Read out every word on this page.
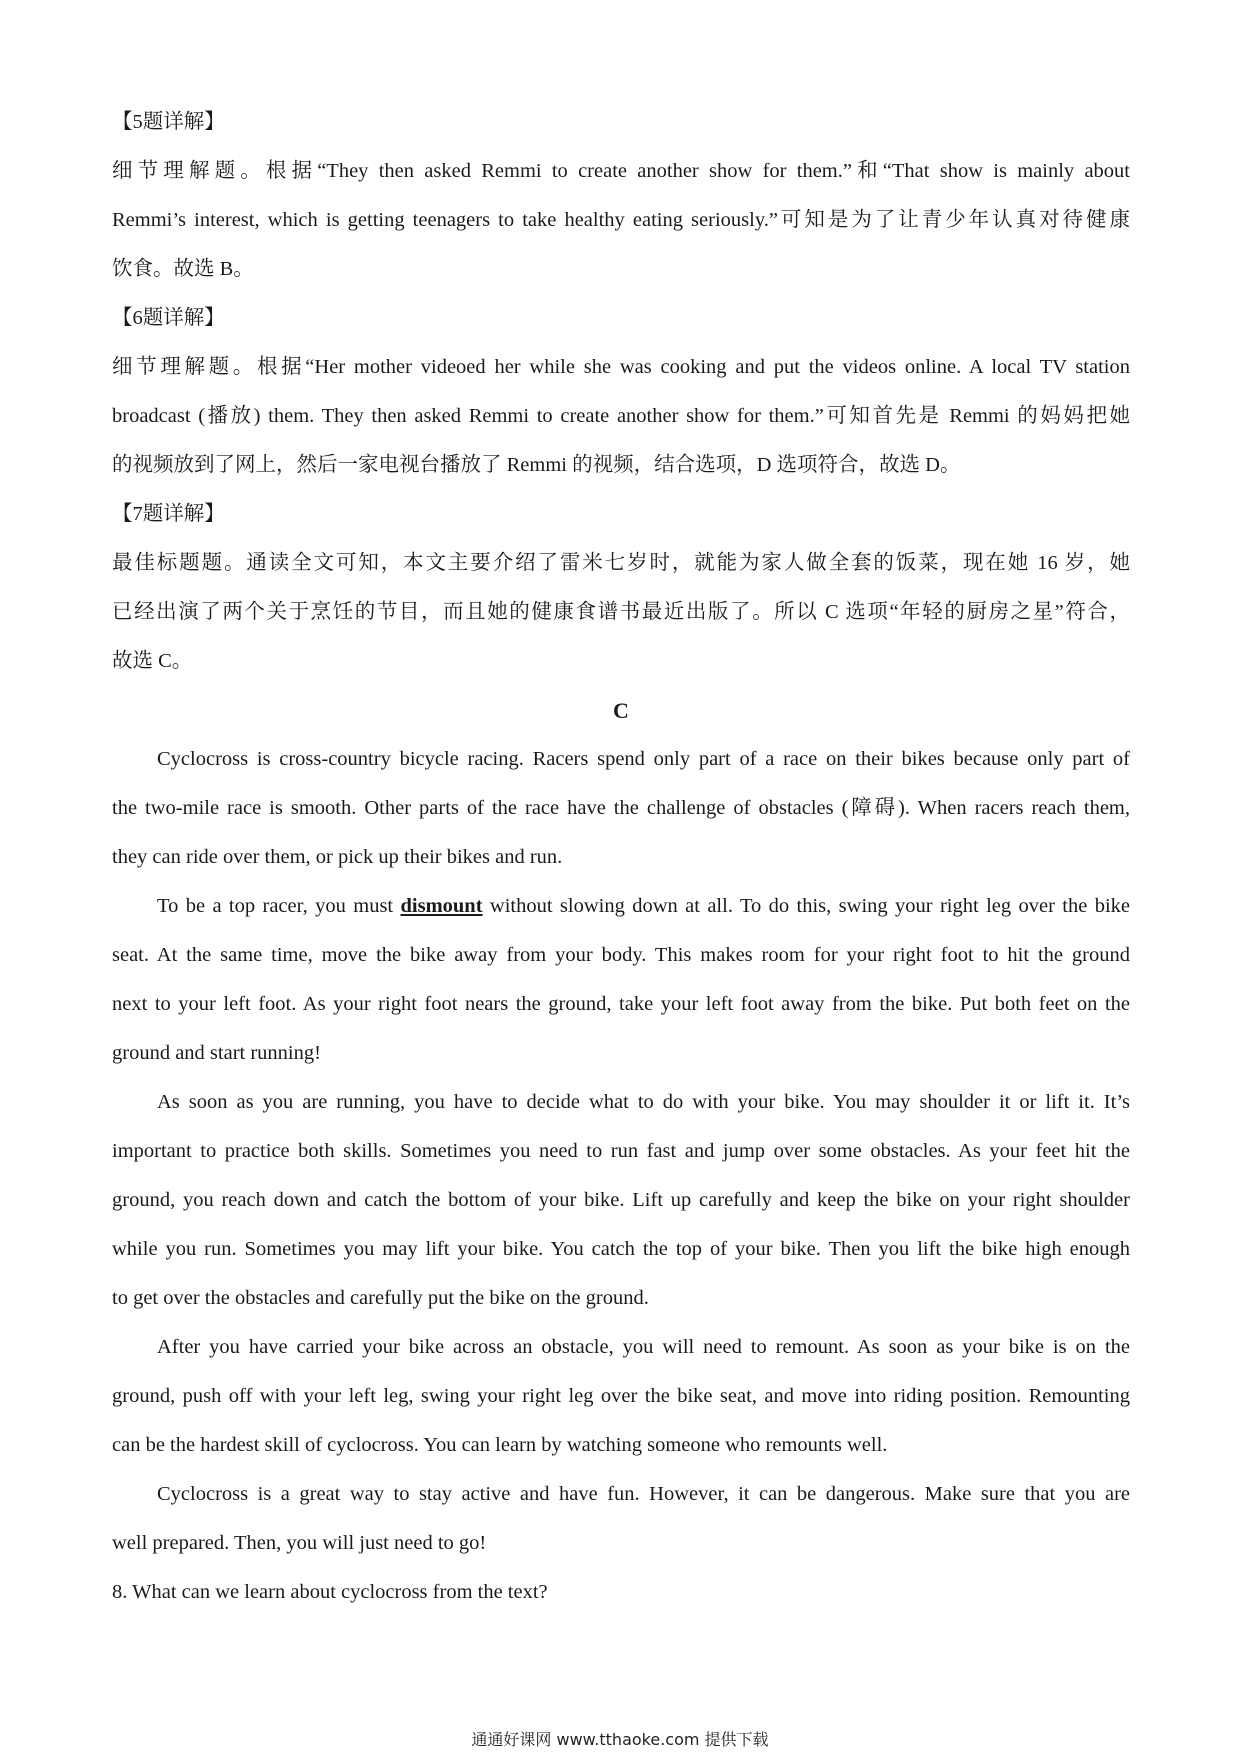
【5题详解】
细节理解题。根据“They then asked Remmi to create another show for them.”和“That show is mainly about
Remmi’s interest, which is getting teenagers to take healthy eating seriously.”可知是为了让青少年认真对待健康
饮食。故选 B。
【6题详解】
细节理解题。根据“Her mother videoed her while she was cooking and put the videos online. A local TV station
broadcast (播放) them. They then asked Remmi to create another show for them.”可知首先是 Remmi 的妈妈把她
的视频放到了网上，然后一家电视台播放了 Remmi 的视频，结合选项，D 选项符合，故选 D。
【7题详解】
最佳标题题。通读全文可知，本文主要介绍了雷米七岁时，就能为家人做全套的饭菜，现在她 16 岁，她
已经出演了两个关于烹饪的节目，而且她的健康食谱书最近出版了。所以 C 选项“年轻的厨房之星”符合，
故选 C。
C
Cyclocross is cross-country bicycle racing. Racers spend only part of a race on their bikes because only part of
the two-mile race is smooth. Other parts of the race have the challenge of obstacles (障碍). When racers reach them,
they can ride over them, or pick up their bikes and run.
To be a top racer, you must dismount without slowing down at all. To do this, swing your right leg over the bike
seat. At the same time, move the bike away from your body. This makes room for your right foot to hit the ground
next to your left foot. As your right foot nears the ground, take your left foot away from the bike. Put both feet on the
ground and start running!
As soon as you are running, you have to decide what to do with your bike. You may shoulder it or lift it. It’s
important to practice both skills. Sometimes you need to run fast and jump over some obstacles. As your feet hit the
ground, you reach down and catch the bottom of your bike. Lift up carefully and keep the bike on your right shoulder
while you run. Sometimes you may lift your bike. You catch the top of your bike. Then you lift the bike high enough
to get over the obstacles and carefully put the bike on the ground.
After you have carried your bike across an obstacle, you will need to remount. As soon as your bike is on the
ground, push off with your left leg, swing your right leg over the bike seat, and move into riding position. Remounting
can be the hardest skill of cyclocross. You can learn by watching someone who remounts well.
Cyclocross is a great way to stay active and have fun. However, it can be dangerous. Make sure that you are
well prepared. Then, you will just need to go!
8. What can we learn about cyclocross from the text?
通通好课网 www.tthaoke.com 提供下载
